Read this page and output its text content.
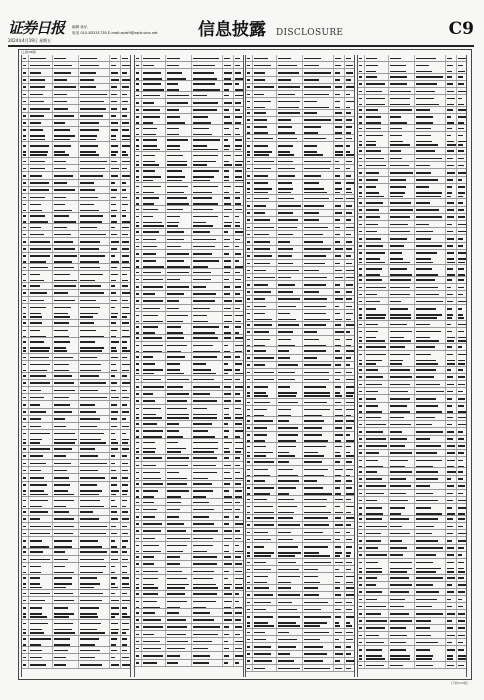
证券日报
2024年4月19日 星期五
编辑 孙乐
电话 010-83251730 E-mail:zqrb9@zqrb.sina.net 信息披露 DISCLOSURE	C9
(上接C8版)
(下转C10版)
